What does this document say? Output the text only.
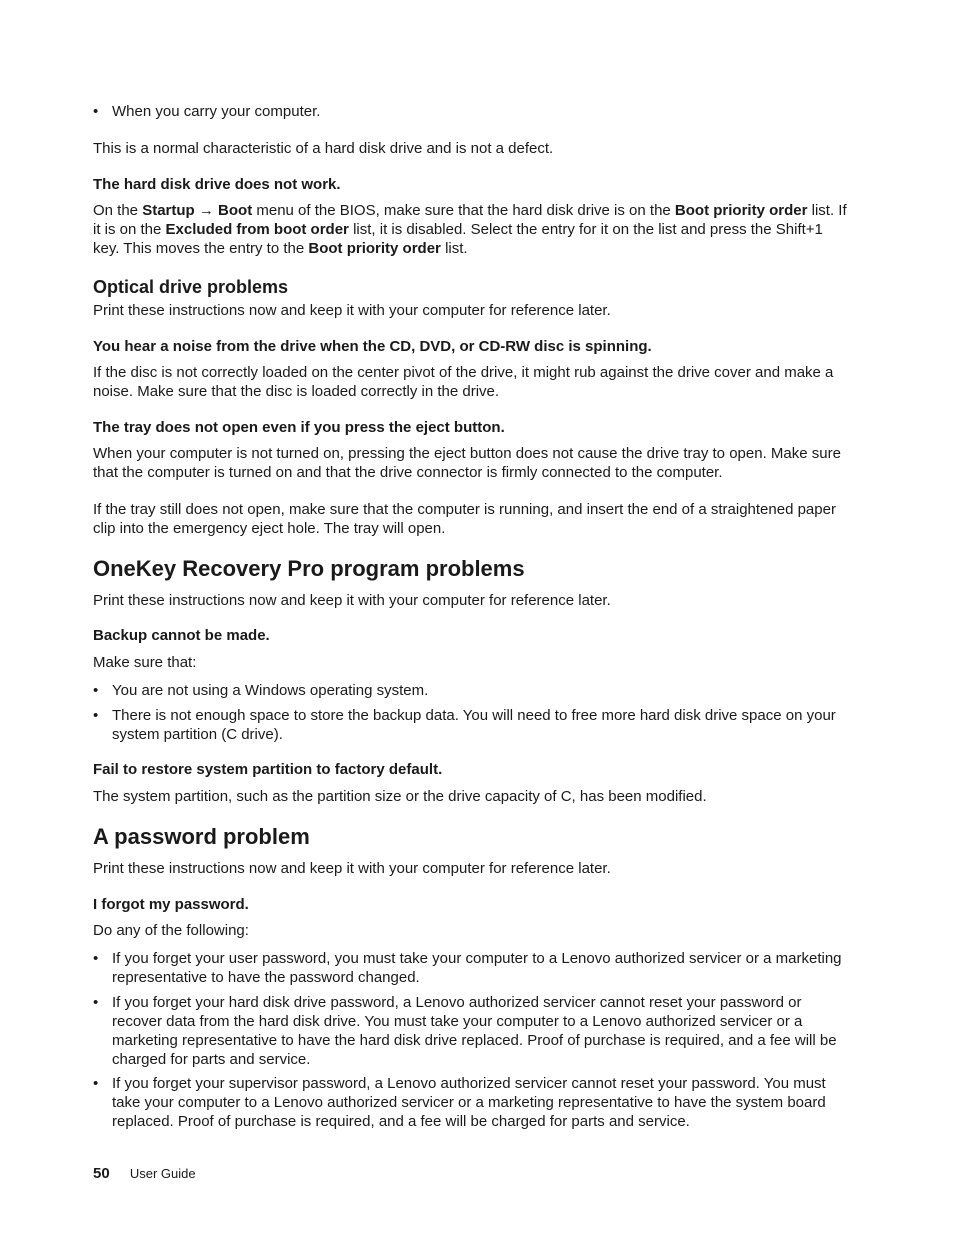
• When you carry your computer.

This is a normal characteristic of a hard disk drive and is not a defect.

The hard disk drive does not work.

On the Startup → Boot menu of the BIOS, make sure that the hard disk drive is on the Boot priority order list. If it is on the Excluded from boot order list, it is disabled. Select the entry for it on the list and press the Shift+1 key. This moves the entry to the Boot priority order list.

Optical drive problems

Print these instructions now and keep it with your computer for reference later.

You hear a noise from the drive when the CD, DVD, or CD-RW disc is spinning.

If the disc is not correctly loaded on the center pivot of the drive, it might rub against the drive cover and make a noise. Make sure that the disc is loaded correctly in the drive.

The tray does not open even if you press the eject button.

When your computer is not turned on, pressing the eject button does not cause the drive tray to open. Make sure that the computer is turned on and that the drive connector is firmly connected to the computer.

If the tray still does not open, make sure that the computer is running, and insert the end of a straightened paper clip into the emergency eject hole. The tray will open.

OneKey Recovery Pro program problems

Print these instructions now and keep it with your computer for reference later.

Backup cannot be made.

Make sure that:

• You are not using a Windows operating system.
• There is not enough space to store the backup data. You will need to free more hard disk drive space on your system partition (C drive).

Fail to restore system partition to factory default.

The system partition, such as the partition size or the drive capacity of C, has been modified.

A password problem

Print these instructions now and keep it with your computer for reference later.

I forgot my password.

Do any of the following:

• If you forget your user password, you must take your computer to a Lenovo authorized servicer or a marketing representative to have the password changed.
• If you forget your hard disk drive password, a Lenovo authorized servicer cannot reset your password or recover data from the hard disk drive. You must take your computer to a Lenovo authorized servicer or a marketing representative to have the hard disk drive replaced. Proof of purchase is required, and a fee will be charged for parts and service.
• If you forget your supervisor password, a Lenovo authorized servicer cannot reset your password. You must take your computer to a Lenovo authorized servicer or a marketing representative to have the system board replaced. Proof of purchase is required, and a fee will be charged for parts and service.
50 User Guide
